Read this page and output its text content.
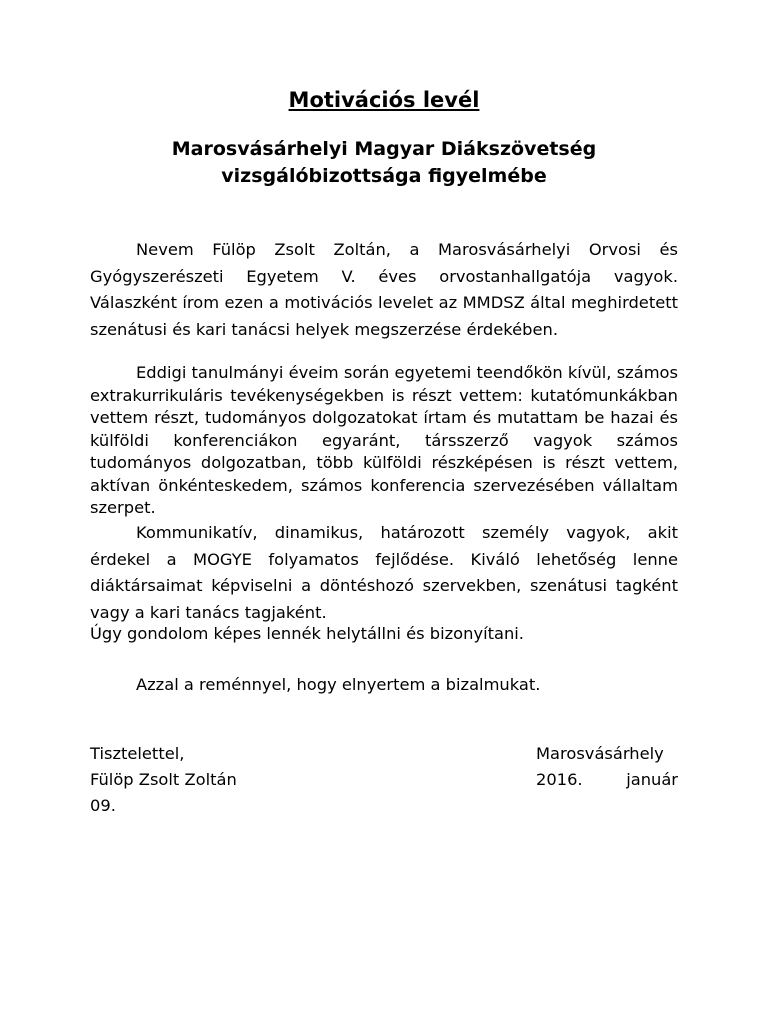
Motivációs levél
Marosvásárhelyi Magyar Diákszövetség
vizsgálóbizottsága figyelmébe

Nevem Fülöp Zsolt Zoltán, a Marosvásárhelyi Orvosi és Gyógyszerészeti Egyetem V. éves orvostanhallgatója vagyok. Válaszként írom ezen a motivációs levelet az MMDSZ által meghirdetett szenátusi és kari tanácsi helyek megszerzése érdekében.

Eddigi tanulmányi éveim során egyetemi teendőkön kívül, számos extrakurrikuláris tevékenységekben is részt vettem: kutatómunkákban vettem részt, tudományos dolgozatokat írtam és mutattam be hazai és külföldi konferenciákon egyaránt, társszerző vagyok számos tudományos dolgozatban, több külföldi részképésen is részt vettem, aktívan önkénteskedem, számos konferencia szervezésében vállaltam szerpet.

Kommunikatív, dinamikus, határozott személy vagyok, akit érdekel a MOGYE folyamatos fejlődése. Kiváló lehetőség lenne diáktársaimat képviselni a döntéshozó szervekben, szenátusi tagként vagy a kari tanács tagjaként.

Úgy gondolom képes lennék helytállni és bizonyítani.

Azzal a reménnyel, hogy elnyertem a bizalmukat.

Tisztelettel,
Fülöp Zsolt Zoltán
Marosvásárhely
2016.	január

09.
